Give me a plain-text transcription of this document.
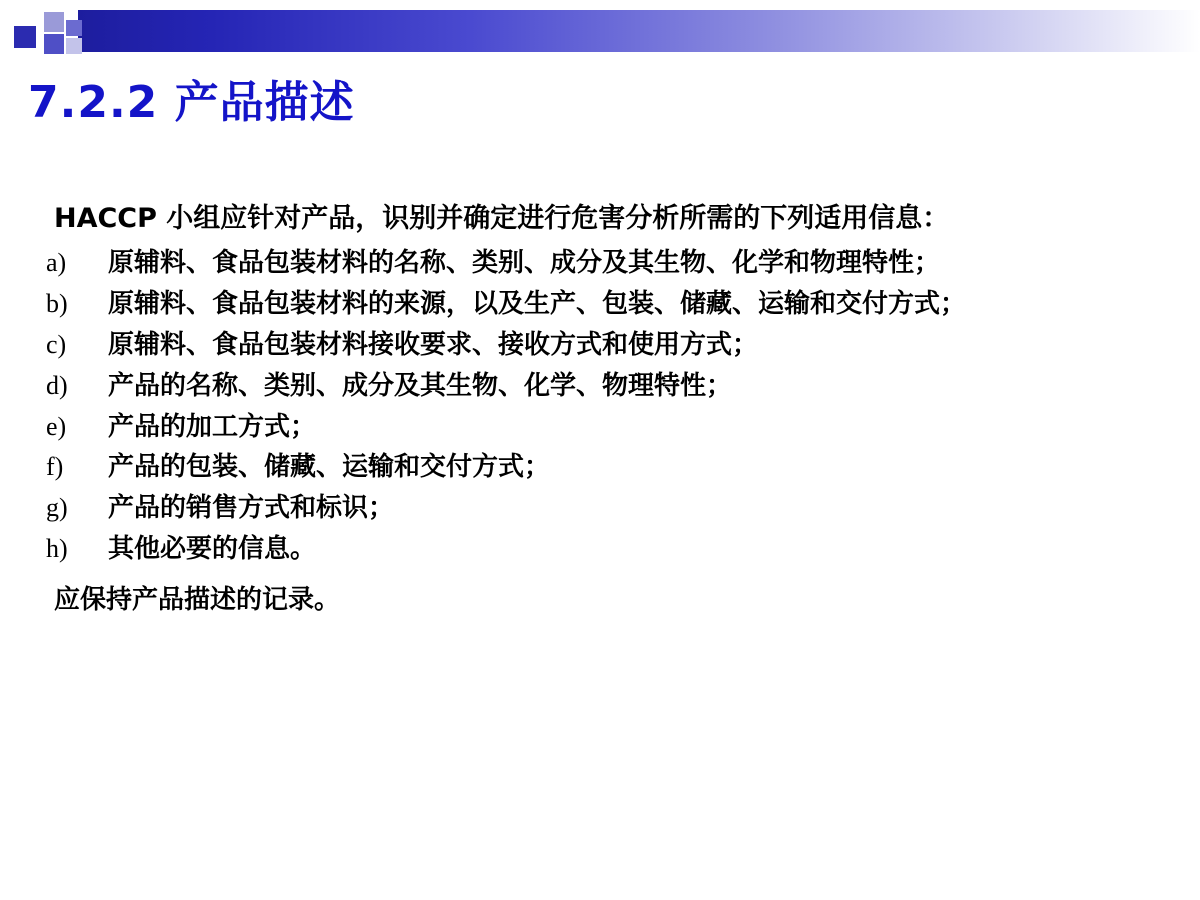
7.2.2 产品描述
HACCP 小组应针对产品，识别并确定进行危害分析所需的下列适用信息：
a)	原辅料、食品包装材料的名称、类别、成分及其生物、化学和物理特性；
b)	原辅料、食品包装材料的来源，以及生产、包装、储藏、运输和交付方式；
c)	原辅料、食品包装材料接收要求、接收方式和使用方式；
d)	产品的名称、类别、成分及其生物、化学、物理特性；
e)	产品的加工方式；
f)	产品的包装、储藏、运输和交付方式；
g)	产品的销售方式和标识；
h)	其他必要的信息。
应保持产品描述的记录。
